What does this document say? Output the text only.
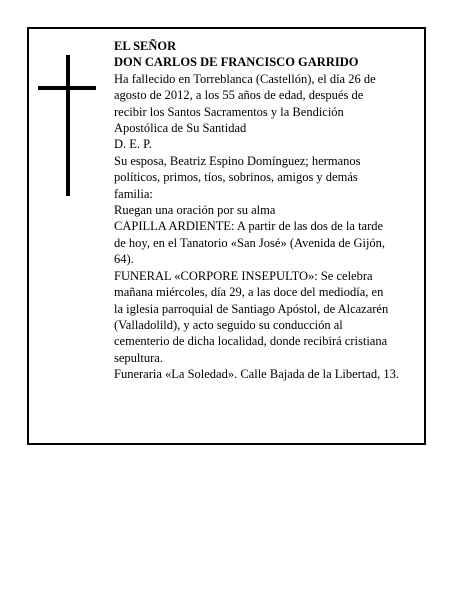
EL SEÑOR
DON CARLOS DE FRANCISCO GARRIDO
Ha fallecido en Torreblanca (Castellón), el día 26 de
agosto de 2012, a los 55 años de edad, después de
recibir los Santos Sacramentos y la Bendición
Apostólica de Su Santidad
D. E. P.
Su esposa, Beatriz Espino Domínguez; hermanos
políticos, primos, tíos, sobrinos, amigos y demás
familia:
Ruegan una oración por su alma
CAPILLA ARDIENTE: A partir de las dos de la tarde
de hoy, en el Tanatorio «San José» (Avenida de Gijón,
64).
FUNERAL «CORPORE INSEPULTO»: Se celebra
mañana miércoles, día 29, a las doce del mediodía, en
la iglesia parroquial de Santiago Apóstol, de Alcazarén
(Valladolild), y acto seguido su conducción al
cementerio de dicha localidad, donde recibirá cristiana
sepultura.
Funeraria «La Soledad». Calle Bajada de la Libertad, 13.
